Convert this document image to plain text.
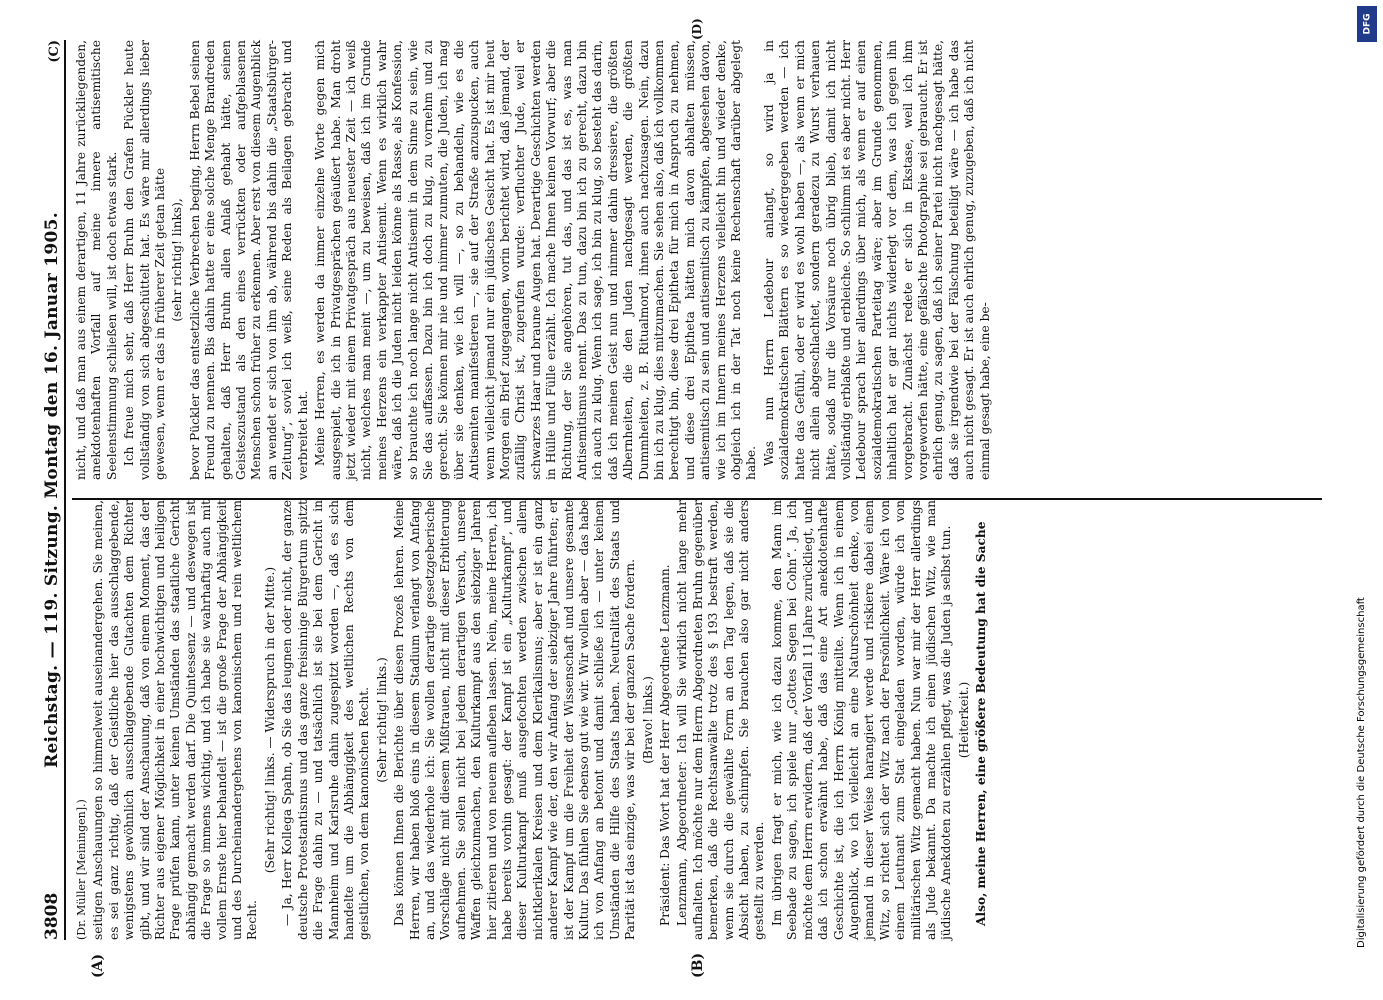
3808
Reichstag. — 119. Sitzung. Montag den 16. Januar 1905.
(C)
(A)	(B)
(D)

(Dr. Müller [Meiningen].) seitigen Anschauungen so himmelweit auseinandergehen. Sie meinen, es sei ganz richtig, daß der Geistliche hier das ausschlaggebende, wenigstens gewöhnlich ausschlaggebende Gutachten dem Richter gibt, und wir sind der Anschauung, daß von einem Moment, das der Richter aus eigener Möglichkeit in einer hochwichtigen und heiligen Frage prüfen kann, unter keinen Umständen das staatliche Gericht abhängig gemacht werden darf. Die Quintessenz — und deswegen ist die Frage so immens wichtig, und ich habe sie wahrhaftig auch mit vollem Ernste hier behandelt — ist die große Frage der Abhängigkeit und des Durcheinandergehens von kanonischem und rein weltlichem Recht.

(Sehr richtig! links. — Widerspruch in der Mitte.) — Ja, Herr Kollega Spahn, ob Sie das leugnen oder nicht, der ganze deutsche Protestantismus und das ganze freisinnige Bürgertum spitzt die Frage dahin zu — und tatsächlich ist sie bei dem Gericht in Mannheim und Karlsruhe dahin zugespitzt worden —, daß es sich handelte um die Abhängigkeit des weltlichen Rechts von dem geistlichen, von dem kanonischen Recht. (Sehr richtig! links.) Das können Ihnen die Berichte über diesen Prozeß lehren. Meine Herren, wir haben bloß eins in diesem Stadium verlangt von Anfang an, und das wiederhole ich: Sie wollen derartige gesetzgeberische Vorschläge nicht mit diesem Mißtrauen, nicht mit dieser Erbitterung aufnehmen. Sie sollen nicht bei jedem derartigen Versuch, unsere Waffen gleichzumachen, den Kulturkampf aus den siebziger Jahren hier zitieren und von neuem aufleben lassen. Nein, meine Herren, ich habe bereits vorhin gesagt: der Kampf ist ein „Kulturkampf“, und dieser Kulturkampf muß ausgefochten werden zwischen allem nichtklerikalen Kreisen und dem Klerikalismus; aber er ist ein ganz anderer Kampf wie der, den wir Anfang der siebziger Jahre führten; er ist der Kampf um die Freiheit der Wissenschaft und unsere gesamte Kultur. Das fühlen Sie ebenso gut wie wir. Wir wollen aber — das habe ich von Anfang an betont und damit schließe ich — unter keinen Umständen die Hilfe des Staats haben. Neutralität des Staats und Parität ist das einzige, was wir bei der ganzen Sache fordern. (Bravo! links.) Präsident: Das Wort hat der Herr Abgeordnete Lenzmann. Lenzmann, Abgeordneter: Ich will Sie wirklich nicht lange mehr aufhalten. Ich möchte nur dem Herrn Abgeordneten Bruhn gegenüber bemerken, daß die Rechtsanwälte trotz des § 193 bestraft werden, wenn sie durch die gewählte Form an den Tag legen, daß sie die Absicht haben, zu schimpfen. Sie brauchen also gar nicht anders gestellt zu werden. Im übrigen fragt er mich, wie ich dazu komme, den Mann im Seebade zu sagen, ich spiele nur „Gottes Segen bei Cohn“. Ja, ich möchte dem Herrn erwidern, daß der Vorfall 11 Jahre zurückliegt, und daß ich schon erwähnt habe, daß das eine Art anekdotenhafte Geschichte ist, die ich Herrn König mitteilte. Wenn ich in einem Augenblick, wo ich vielleicht an eine Naturschönheit denke, von jemand in dieser Weise harangiert werde und riskiere dabei einen Witz, so richtet sich der Witz nach der Persönlichkeit. Wäre ich von einem Leutnant zum Stat eingeladen worden, würde ich von militärischen Witz gemacht haben. Nun war mir der Herr allerdings als Jude bekannt. Da machte ich einen jüdischen Witz, wie man jüdische Anekdoten zu erzählen pflegt, was die Juden ja selbst tun. (Heiterkeit.) Also, meine Herren, eine größere Bedeutung hat die Sache

nicht, und daß man aus einem derartigen, 11 Jahre zurückliegenden, anekdotenhaften Vorfall auf meine innere antisemitische Seelenstimmung schließen will, ist doch etwas stark. Ich freue mich sehr, daß Herr Bruhn den Grafen Pückler heute vollständig von sich abgeschüttelt hat. Es wäre mir allerdings lieber gewesen, wenn er das in früherer Zeit getan hätte (sehr richtig! links), bevor Pückler das entsetzliche Verbrechen beging, Herrn Bebel seinen Freund zu nennen. Bis dahin hatte er eine solche Menge Brandreden gehalten, daß Herr Bruhn allen Anlaß gehabt hätte, seinen Geisteszustand als den eines verrückten oder aufgeblasenen Menschen schon früher zu erkennen. Aber erst von diesem Augenblick an wendet er sich von ihm ab, während bis dahin die „Staatsbürger-Zeitung“, soviel ich weiß, seine Reden als Beilagen gebracht und verbreitet hat. Meine Herren, es werden da immer einzelne Worte gegen mich ausgespielt, die ich in Privatgesprächen geäußert habe. Man droht jetzt wieder mit einem Privatgespräch aus neuester Zeit — ich weiß nicht, welches man meint —, um zu beweisen, daß ich im Grunde meines Herzens ein verkappter Antisemit. Wenn es wirklich wahr wäre, daß ich die Juden nicht leiden könne als Rasse, als Konfession, so brauchte ich noch lange nicht Antisemit in dem Sinne zu sein, wie Sie das auffassen. Dazu bin ich doch zu klug, zu vornehm und zu gerecht. Sie können mir nie und nimmer zumuten, die Juden, ich mag über sie denken, wie ich will —, so zu behandeln, wie es die Antisemiten manifestieren —, sie auf der Straße anzuspucken, auch wenn vielleicht jemand nur ein jüdisches Gesicht hat. Es ist mir heut Morgen ein Brief zugegangen, worin berichtet wird, daß jemand, der zufällig Christ ist, zugerufen wurde: verfluchter Jude, weil er schwarzes Haar und braune Augen hat. Derartige Geschichten werden in Hülle und Fülle erzählt. Ich mache Ihnen keinen Vorwurf; aber die Richtung, der Sie angehören, tut das, und das ist es, was man Antisemitismus nennt. Das zu tun, dazu bin ich zu gerecht, dazu bin ich auch zu klug. Wenn ich sage, ich bin zu klug, so besteht das darin, daß ich meinen Geist nun und nimmer dahin dressiere, die größten Albernheiten, die den Juden nachgesagt werden, die größten Dummheiten, z. B. Ritualmord, ihnen auch nachzusagen. Nein, dazu bin ich zu klug, dies mitzumachen. Sie sehen also, daß ich vollkommen berechtigt bin, diese drei Epitheta für mich in Anspruch zu nehmen, und diese drei Epitheta hätten mich davon abhalten müssen, antisemitisch zu sein und antisemitisch zu kämpfen, abgesehen davon, wie ich im Innern meines Herzens vielleicht hin und wieder denke, obgleich ich in der Tat noch keine Rechenschaft darüber abgelegt habe. Was nun Herrn Ledebour anlangt, so wird ja in sozialdemokratischen Blättern es so wiedergegeben werden — ich hatte das Gefühl, oder er wird es wohl haben —, als wenn er mich nicht allein abgeschlachtet, sondern geradezu zu Wurst verhauen hätte, sodaß nur die Vorsäure noch übrig blieb, damit ich nicht vollständig erblaßte und erbleiche. So schlimm ist es aber nicht. Herr Ledebour sprach hier allerdings über mich, als wenn er auf einen sozialdemokratischen Parteitag wäre; aber im Grunde genommen, inhaltlich hat er gar nichts widerlegt vor dem, was ich gegen ihn vorgebracht. Zunächst redete er sich in Ekstase, weil ich ihm vorgeworfen hätte, eine gefälschte Photographie sei gebraucht. Er ist ehrlich genug, zu sagen, daß ich seiner Partei nicht nachgesagt hätte, daß sie irgendwie bei der Fälschung beteiligt wäre — ich habe das auch nicht gesagt. Er ist auch ehrlich genug, zuzugeben, daß ich nicht einmal gesagt habe, eine be-

DFG
Digitalisierung gefördert durch die Deutsche Forschungsgemeinschaft
